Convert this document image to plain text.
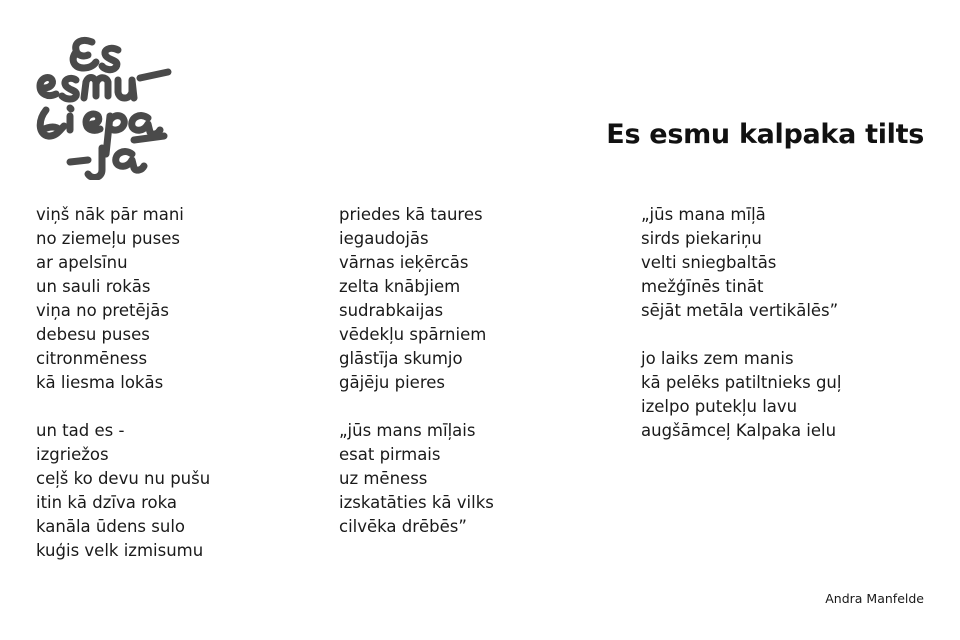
Es esmu kalpaka tilts
viņš nāk pār mani
no ziemeļu puses
ar apelsīnu
un sauli rokās
viņa no pretējās
debesu puses
citronmēness
kā liesma lokās
un tad es -
izgriežos
ceļš ko devu nu pušu
itin kā dzīva roka
kanāla ūdens sulo
kuģis velk izmisumu
priedes kā taures
iegaudojās
vārnas ieķērcās
zelta knābjiem
sudrabkaijas
vēdekļu spārniem
glāstīja skumjo
gājēju pieres
„jūs mans mīļais
esat pirmais
uz mēness
izskatāties kā vilks
cilvēka drēbēs”
„jūs mana mīļā
sirds piekariņu
velti sniegbaltās
mežģīnēs tināt
sējāt metāla vertikālēs”
jo laiks zem manis
kā pelēks patiltnieks guļ
izelpo putekļu lavu
augšāmceļ Kalpaka ielu
Andra Manfelde
